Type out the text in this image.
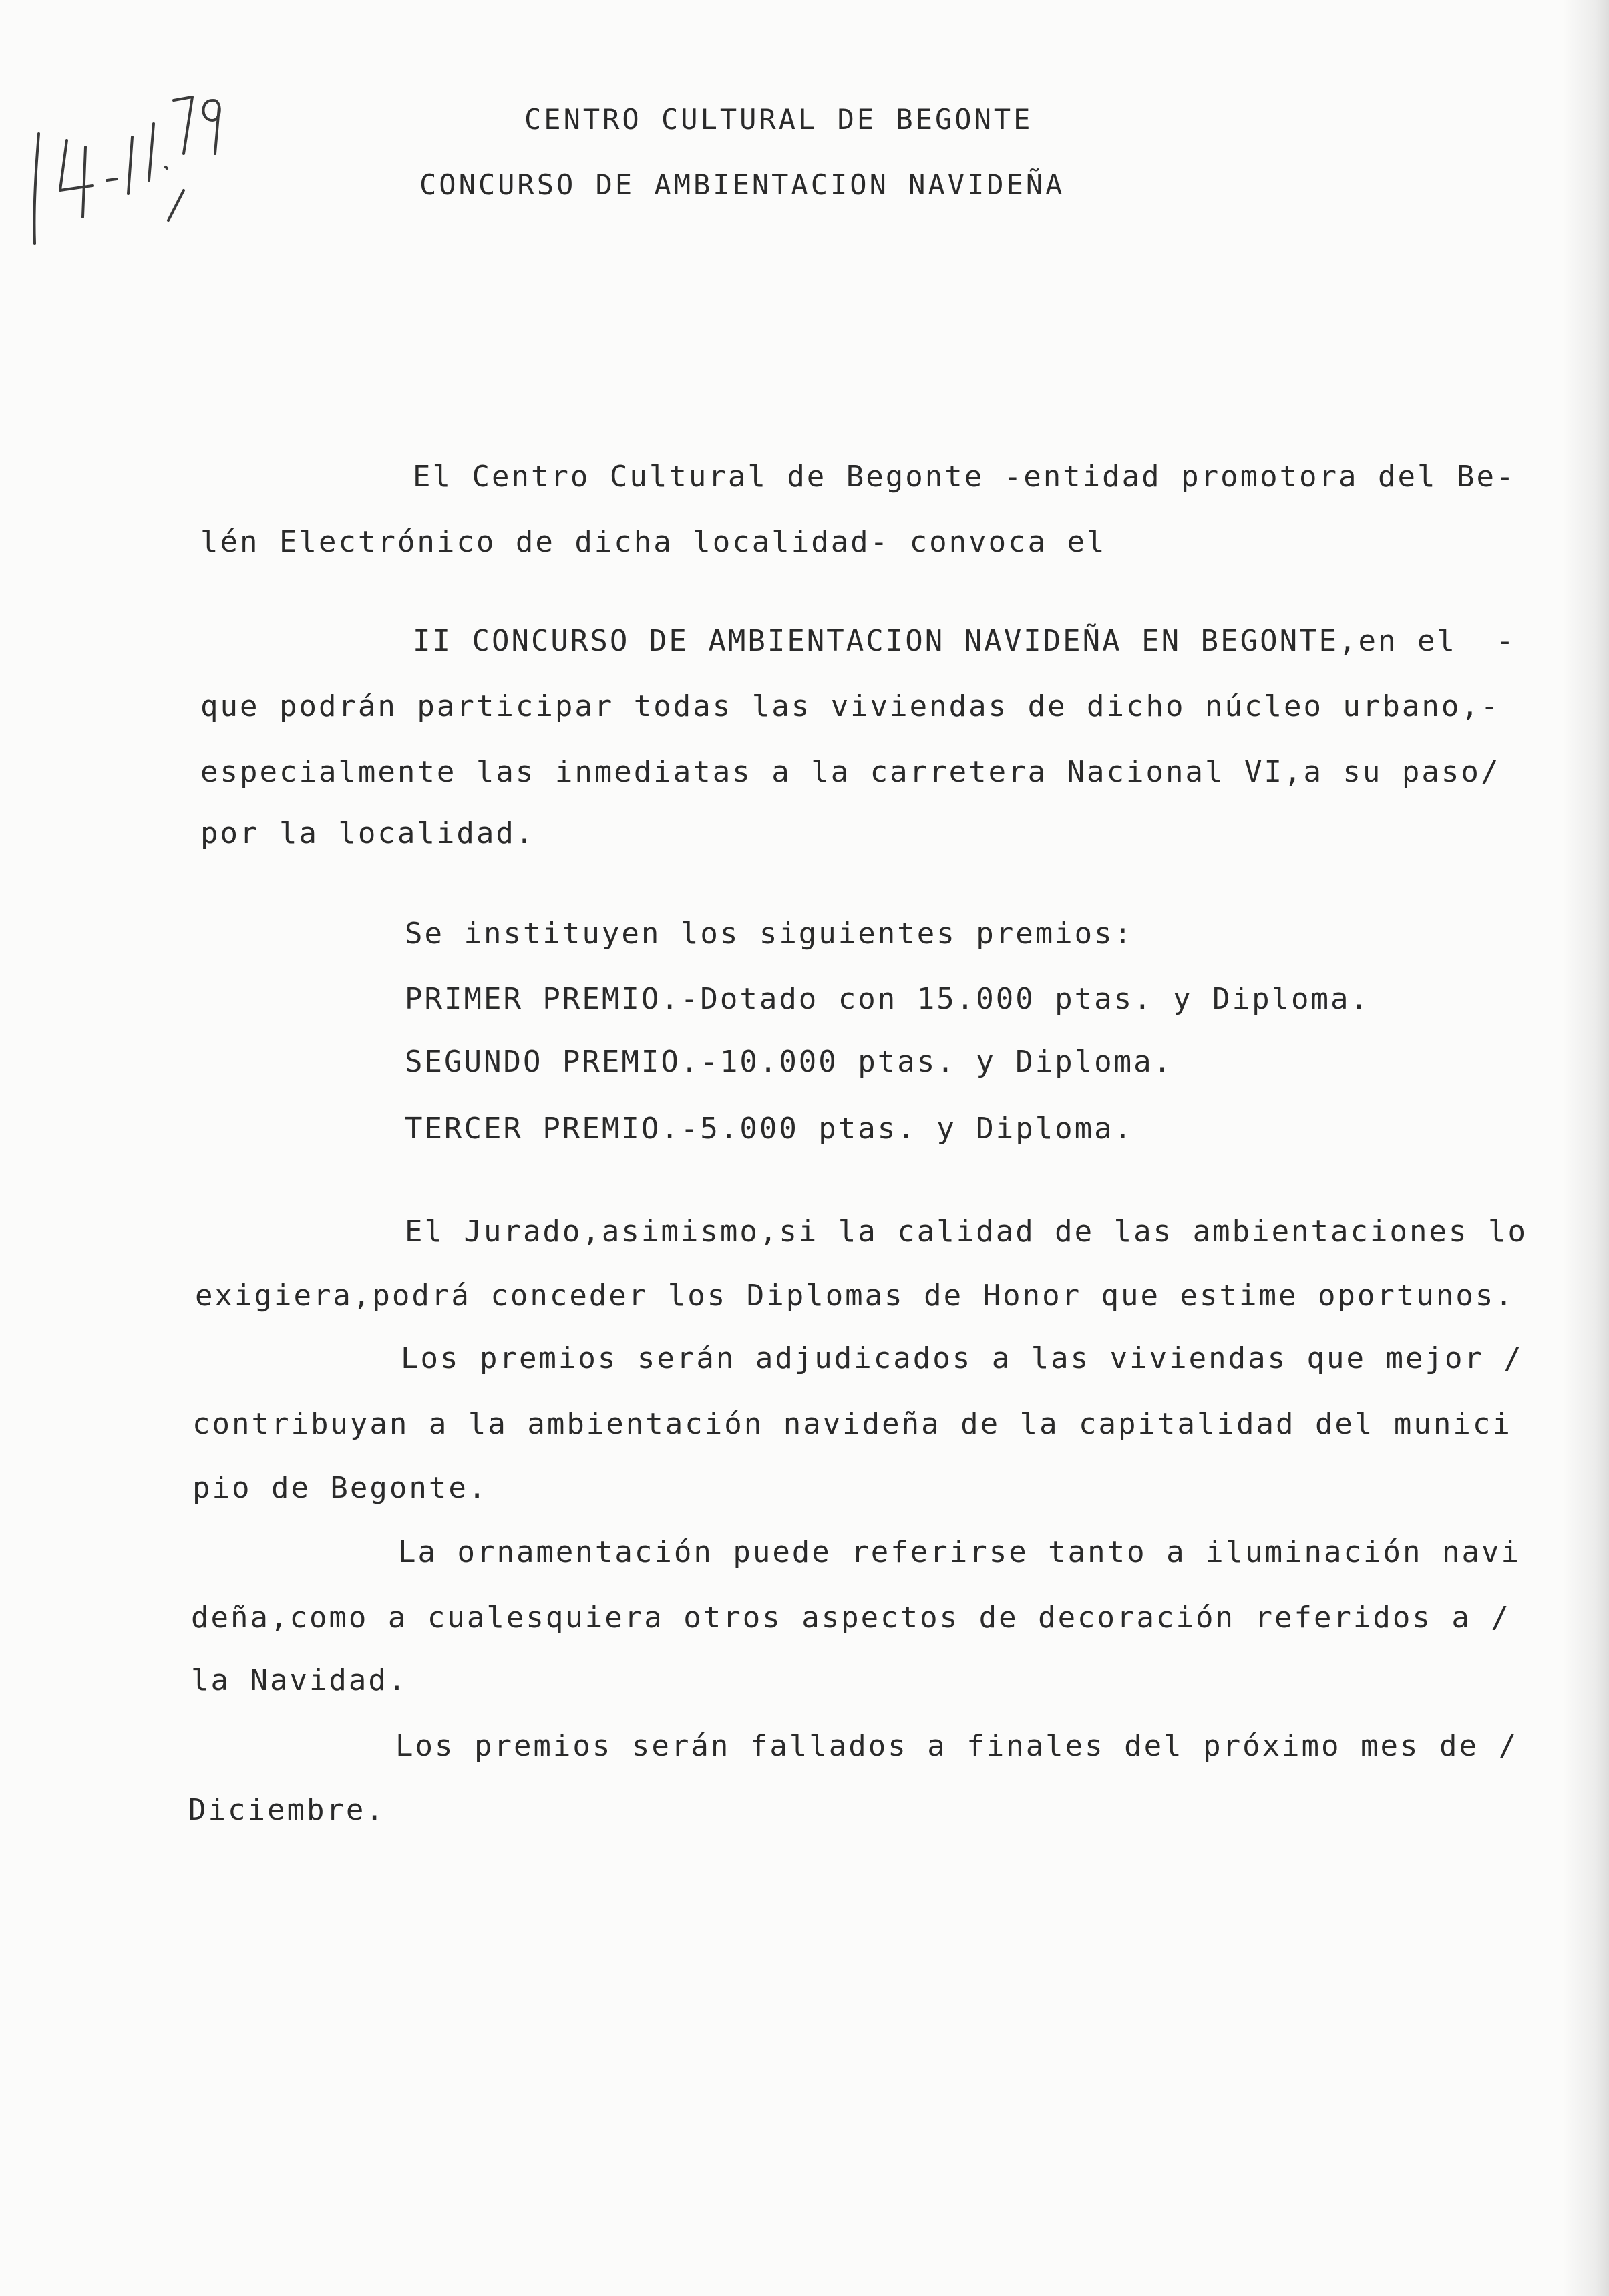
CENTRO CULTURAL DE BEGONTE
CONCURSO DE AMBIENTACION NAVIDEÑA
El Centro Cultural de Begonte -entidad promotora del Be-
lén Electrónico de dicha localidad- convoca el
II CONCURSO DE AMBIENTACION NAVIDEÑA EN BEGONTE,en el  -
que podrán participar todas las viviendas de dicho núcleo urbano,-
especialmente las inmediatas a la carretera Nacional VI,a su paso/
por la localidad.
Se instituyen los siguientes premios:
PRIMER PREMIO.-Dotado con 15.000 ptas. y Diploma.
SEGUNDO PREMIO.-10.000 ptas. y Diploma.
TERCER PREMIO.-5.000 ptas. y Diploma.
El Jurado,asimismo,si la calidad de las ambientaciones lo
exigiera,podrá conceder los Diplomas de Honor que estime oportunos.
Los premios serán adjudicados a las viviendas que mejor /
contribuyan a la ambientación navideña de la capitalidad del munici
pio de Begonte.
La ornamentación puede referirse tanto a iluminación navi
deña,como a cualesquiera otros aspectos de decoración referidos a /
la Navidad.
Los premios serán fallados a finales del próximo mes de /
Diciembre.
